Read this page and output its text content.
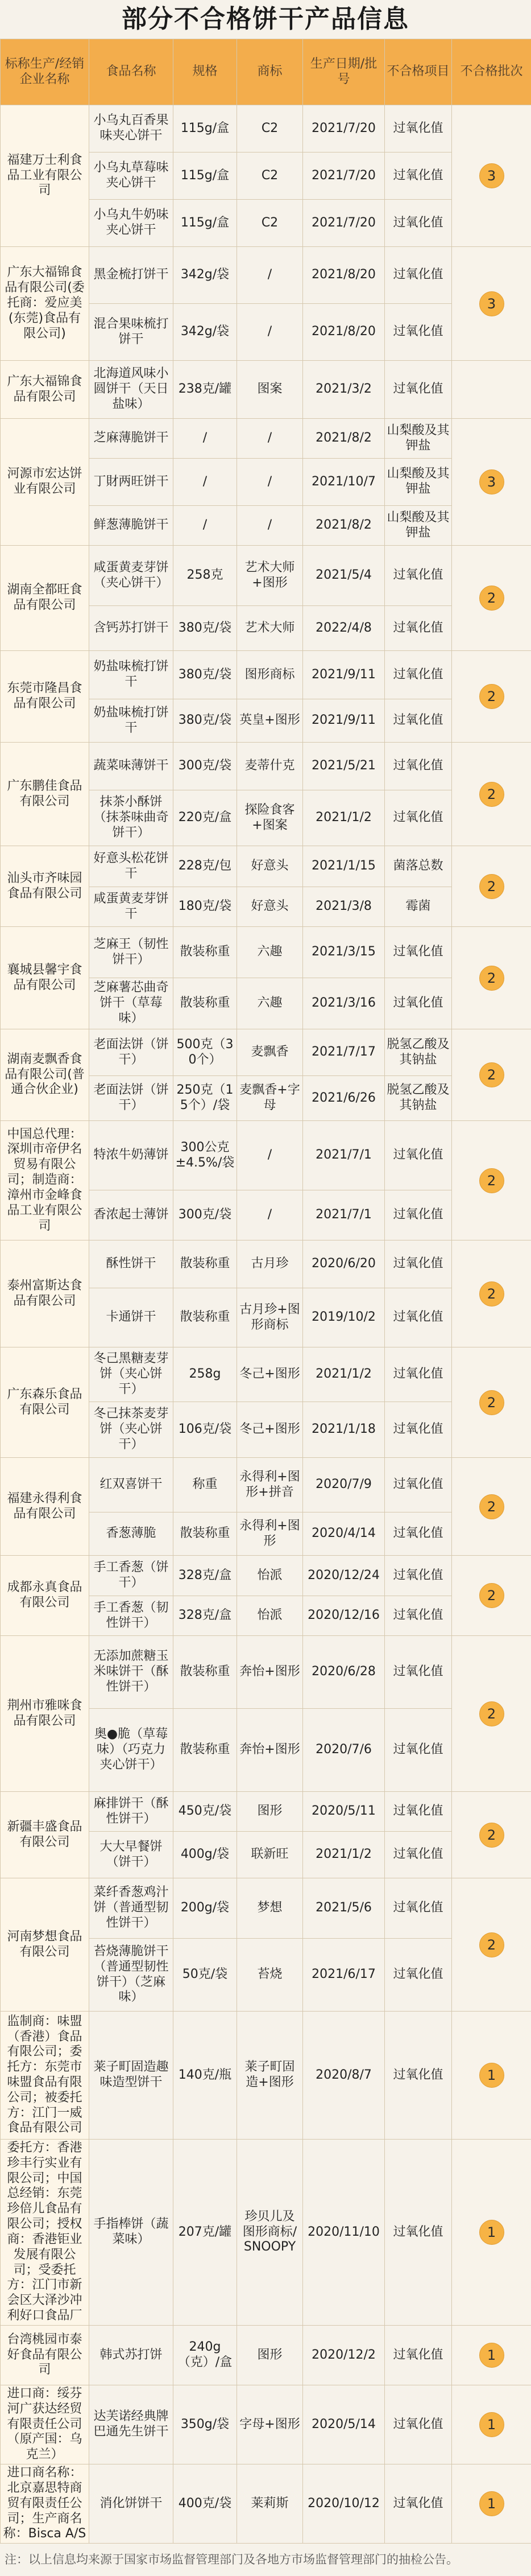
部分不合格饼干产品信息
标称生产/经销企业名称	食品名称	规格	商标	生产日期/批号	不合格项目	不合格批次
福建万士利食品工业有限公司	小乌丸百香果味夹心饼干	115g/盒	C2	2021/7/20	过氧化值	3
	小乌丸草莓味夹心饼干	115g/盒	C2	2021/7/20	过氧化值	
	小乌丸牛奶味夹心饼干	115g/盒	C2	2021/7/20	过氧化值	
广东大福锦食品有限公司(委托商：爱应美(东莞)食品有限公司)	黑金梳打饼干	342g/袋	/	2021/8/20	过氧化值	3
	混合果味梳打饼干	342g/袋	/	2021/8/20	过氧化值	
广东大福锦食品有限公司	北海道风味小圆饼干（天日盐味）	238克/罐	图案	2021/3/2	过氧化值	
河源市宏达饼业有限公司	芝麻薄脆饼干	/	/	2021/8/2	山梨酸及其钾盐	3
	丁財两旺饼干	/	/	2021/10/7	山梨酸及其钾盐	
	鲜葱薄脆饼干	/	/	2021/8/2	山梨酸及其钾盐	
湖南全都旺食品有限公司	咸蛋黄麦芽饼（夹心饼干）	258克	艺术大师+图形	2021/5/4	过氧化值	2
	含钙苏打饼干	380克/袋	艺术大师	2022/4/8	过氧化值	
东莞市隆昌食品有限公司	奶盐味梳打饼干	380克/袋	图形商标	2021/9/11	过氧化值	2
	奶盐味梳打饼干	380克/袋	英皇+图形	2021/9/11	过氧化值	
广东鹏佳食品有限公司	蔬菜味薄饼干	300克/袋	麦蒂什克	2021/5/21	过氧化值	2
	抹茶小酥饼（抹茶味曲奇饼干）	220克/盒	探险食客+图案	2021/1/2	过氧化值	
汕头市齐味园食品有限公司	好意头松花饼干	228克/包	好意头	2021/1/15	菌落总数	2
	咸蛋黄麦芽饼干	180克/袋	好意头	2021/3/8	霉菌	
襄城县馨宇食品有限公司	芝麻王（韧性饼干）	散装称重	六趣	2021/3/15	过氧化值	2
	芝麻薯芯曲奇饼干（草莓味）	散装称重	六趣	2021/3/16	过氧化值	
湖南麦飘香食品有限公司(普通合伙企业)	老面法饼（饼干）	500克（30个）	麦飘香	2021/7/17	脱氢乙酸及其钠盐	2
	老面法饼（饼干）	250克（15个）/袋	麦飘香+字母	2021/6/26	脱氢乙酸及其钠盐	
中国总代理：深圳市帝伊名贸易有限公司；制造商：漳州市金峰食品工业有限公司	特浓牛奶薄饼	300公克±4.5%/袋	/	2021/7/1	过氧化值	2
	香浓起士薄饼	300克/袋	/	2021/7/1	过氧化值	
泰州富斯达食品有限公司	酥性饼干	散装称重	古月珍	2020/6/20	过氧化值	2
	卡通饼干	散装称重	古月珍+图形商标	2019/10/2	过氧化值	
广东森乐食品有限公司	冬己黑糖麦芽饼（夹心饼干）	258g	冬己+图形	2021/1/2	过氧化值	2
	冬己抹茶麦芽饼（夹心饼干）	106克/袋	冬己+图形	2021/1/18	过氧化值	
福建永得利食品有限公司	红双喜饼干	称重	永得利+图形+拼音	2020/7/9	过氧化值	2
	香葱薄脆	散装称重	永得利+图形	2020/4/14	过氧化值	
成都永真食品有限公司	手工香葱（饼干）	328克/盒	怡派	2020/12/24	过氧化值	2
	手工香葱（韧性饼干）	328克/盒	怡派	2020/12/16	过氧化值	
荆州市雅咪食品有限公司	无添加蔗糖玉米味饼干（酥性饼干）	散装称重	奔怡+图形	2020/6/28	过氧化值	2
	奥●脆（草莓味）（巧克力夹心饼干）	散装称重	奔怡+图形	2020/7/6	过氧化值	
新疆丰盛食品有限公司	麻排饼干（酥性饼干）	450克/袋	图形	2020/5/11	过氧化值	2
	大大早餐饼（饼干）	400g/袋	联新旺	2021/1/2	过氧化值	
河南梦想食品有限公司	菜纤香葱鸡汁饼（普通型韧性饼干）	200g/袋	梦想	2021/5/6	过氧化值	2
	苔烧薄脆饼干（普通型韧性饼干）（芝麻味）	50克/袋	苔烧	2021/6/17	过氧化值	
监制商：味盟（香港）食品有限公司；委托方：东莞市味盟食品有限公司；被委托方：江门一威食品有限公司	莱子町固造趣味造型饼干	140克/瓶	莱子町固造+图形	2020/8/7	过氧化值	1
委托方：香港珍丰行实业有限公司；中国总经销：东莞珍倍儿食品有限公司；授权商：香港钜业发展有限公司；受委托方：江门市新会区大泽沙冲利好口食品厂	手指棒饼（蔬菜味）	207克/罐	珍贝儿及图形商标/SNOOPY	2020/11/10	过氧化值	1
台湾桃园市泰好食品有限公司	韩式苏打饼	240g（克）/盒	图形	2020/12/2	过氧化值	1
进口商：绥芬河广获达经贸有限责任公司（原产国：乌克兰）	达芙诺经典牌巴通先生饼干	350g/袋	字母+图形	2020/5/14	过氧化值	1
进口商名称：北京嘉思特商贸有限责任公司；生产商名称：Bisca A/S	消化饼饼干	400克/袋	莱莉斯	2020/10/12	过氧化值	1
注：以上信息均来源于国家市场监督管理部门及各地方市场监督管理部门的抽检公告。
